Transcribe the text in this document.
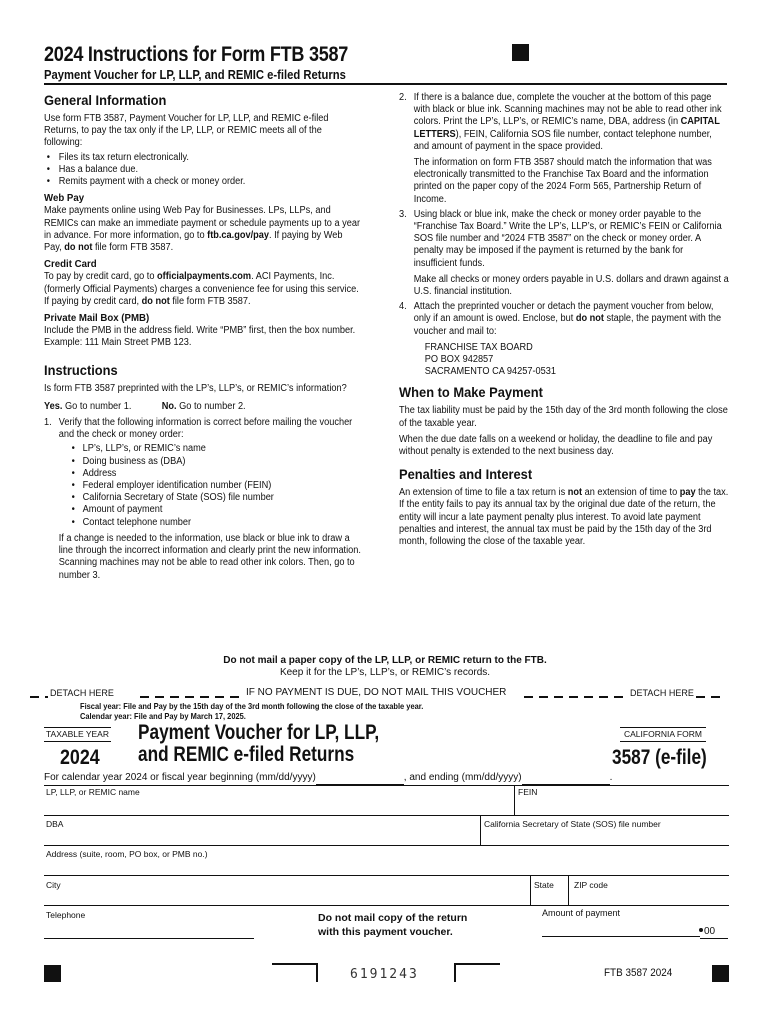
2024 Instructions for Form FTB 3587
Payment Voucher for LP, LLP, and REMIC e-filed Returns
General Information

Use form FTB 3587, Payment Voucher for LP, LLP, and REMIC e-filed Returns, to pay the tax only if the LP, LLP, or REMIC meets all of the following:

• Files its tax return electronically.
• Has a balance due.
• Remits payment with a check or money order.
Web Pay

Make payments online using Web Pay for Businesses. LPs, LLPs, and REMICs can make an immediate payment or schedule payments up to a year in advance. For more information, go to ftb.ca.gov/pay. If paying by Web Pay, do not file form FTB 3587.

Credit Card

To pay by credit card, go to officialpayments.com. ACI Payments, Inc. (formerly Official Payments) charges a convenience fee for using this service. If paying by credit card, do not file form FTB 3587.

Private Mail Box (PMB)

Include the PMB in the address field. Write “PMB” first, then the box number. Example: 111 Main Street PMB 123.

Instructions

Is form FTB 3587 preprinted with the LP’s, LLP’s, or REMIC’s information?

Yes. Go to number 1.	No. Go to number 2.
1. Verify that the following information is correct before mailing the voucher and the check or money order:
• LP’s, LLP’s, or REMIC’s name
• Doing business as (DBA)
• Address
• Federal employer identification number (FEIN)
• California Secretary of State (SOS) file number
• Amount of payment
• Contact telephone number

If a change is needed to the information, use black or blue ink to draw a line through the incorrect information and clearly print the new information. Scanning machines may not be able to read other ink colors. Then, go to number 3.

2. If there is a balance due, complete the voucher at the bottom of this page with black or blue ink. Scanning machines may not be able to read other ink colors. Print the LP’s, LLP’s, or REMIC’s name, DBA, address (in CAPITAL LETTERS), FEIN, California SOS file number, contact telephone number, and amount of payment in the space provided.

The information on form FTB 3587 should match the information that was electronically transmitted to the Franchise Tax Board and the information printed on the paper copy of the 2024 Form 565, Partnership Return of Income.

3. Using black or blue ink, make the check or money order payable to the “Franchise Tax Board.” Write the LP’s, LLP’s, or REMIC’s FEIN or California SOS file number and “2024 FTB 3587” on the check or money order. A penalty may be imposed if the payment is returned by the bank for insufficient funds.

Make all checks or money orders payable in U.S. dollars and drawn against a U.S. financial institution.

4. Attach the preprinted voucher or detach the payment voucher from below, only if an amount is owed. Enclose, but do not staple, the payment with the voucher and mail to:
FRANCHISE TAX BOARD
PO BOX 942857
SACRAMENTO CA 94257-0531
When to Make Payment

The tax liability must be paid by the 15th day of the 3rd month following the close of the taxable year.

When the due date falls on a weekend or holiday, the deadline to file and pay without penalty is extended to the next business day.

Penalties and Interest

An extension of time to file a tax return is not an extension of time to pay the tax. If the entity fails to pay its annual tax by the original due date of the return, the entity will incur a late payment penalty plus interest. To avoid late payment penalties and interest, the annual tax must be paid by the 15th day of the 3rd month, following the close of the taxable year.

Do not mail a paper copy of the LP, LLP, or REMIC return to the FTB.
Keep it for the LP’s, LLP’s, or REMIC’s records.
DETACH HERE	IF NO PAYMENT IS DUE, DO NOT MAIL THIS VOUCHER	DETACH HERE
Fiscal year: File and Pay by the 15th day of the 3rd month following the close of the taxable year.
Calendar year: File and Pay by March 17, 2025.
TAXABLE YEAR
2024
Payment Voucher for LP, LLP,
and REMIC e-filed Returns
CALIFORNIA FORM
3587 (e-file)
For calendar year 2024 or fiscal year beginning (mm/dd/yyyy)	, and ending (mm/dd/yyyy)	.
LP, LLP, or REMIC name	FEIN
DBA	California Secretary of State (SOS) file number
Address (suite, room, PO box, or PMB no.)
City	State ZIP code
Telephone	Do not mail copy of the return
with this payment voucher.
Amount of payment
00
6191243	FTB 3587 2024
